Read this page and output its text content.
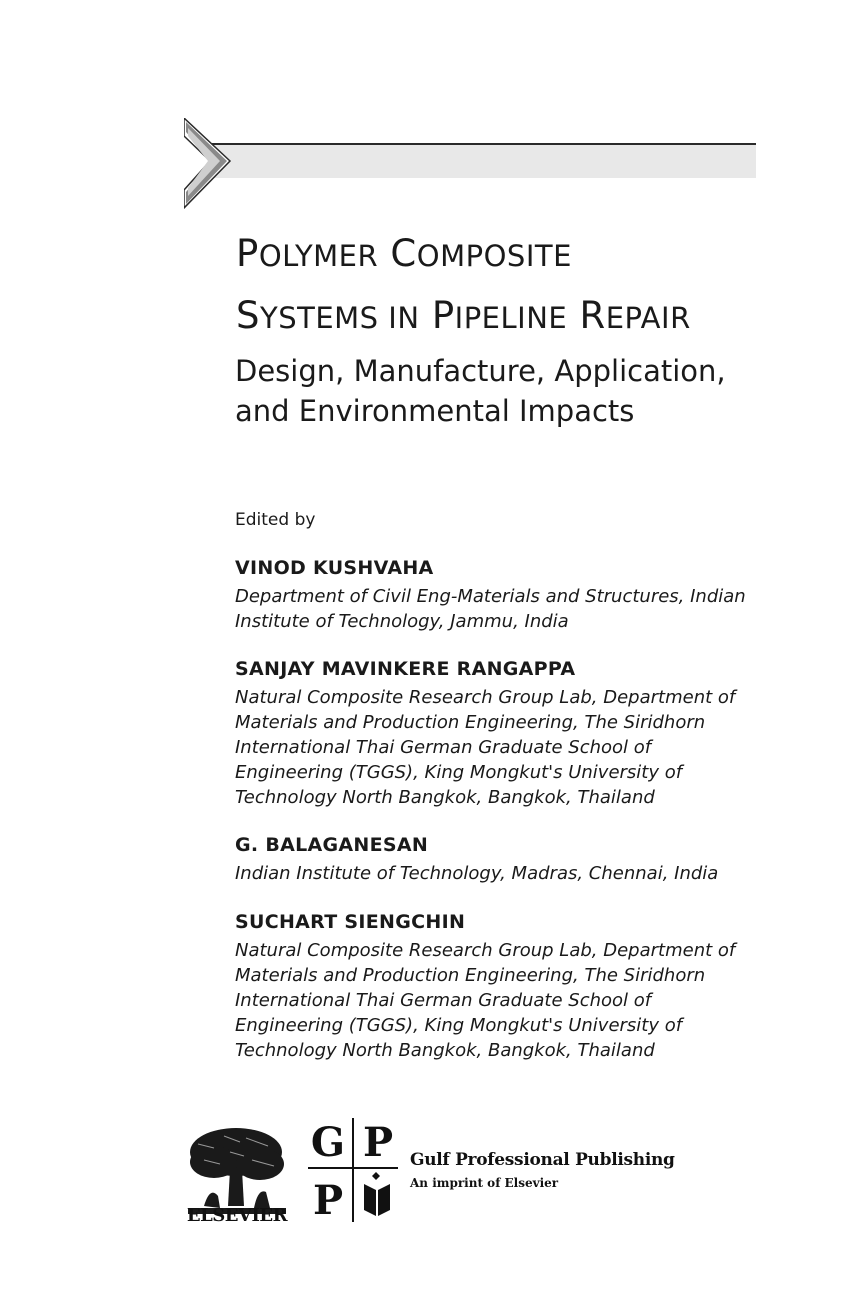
POLYMER COMPOSITE
SYSTEMS IN PIPELINE REPAIR
Design, Manufacture, Application,
and Environmental Impacts
Edited by
VINOD KUSHVAHA
Department of Civil Eng-Materials and Structures, Indian
Institute of Technology, Jammu, India
SANJAY MAVINKERE RANGAPPA
Natural Composite Research Group Lab, Department of
Materials and Production Engineering, The Siridhorn
International Thai German Graduate School of
Engineering (TGGS), King Mongkut's University of
Technology North Bangkok, Bangkok, Thailand
G. BALAGANESAN
Indian Institute of Technology, Madras, Chennai, India
SUCHART SIENGCHIN
Natural Composite Research Group Lab, Department of
Materials and Production Engineering, The Siridhorn
International Thai German Graduate School of
Engineering (TGGS), King Mongkut's University of
Technology North Bangkok, Bangkok, Thailand
ELSEVIER
G P
P
Gulf Professional Publishing
An imprint of Elsevier
